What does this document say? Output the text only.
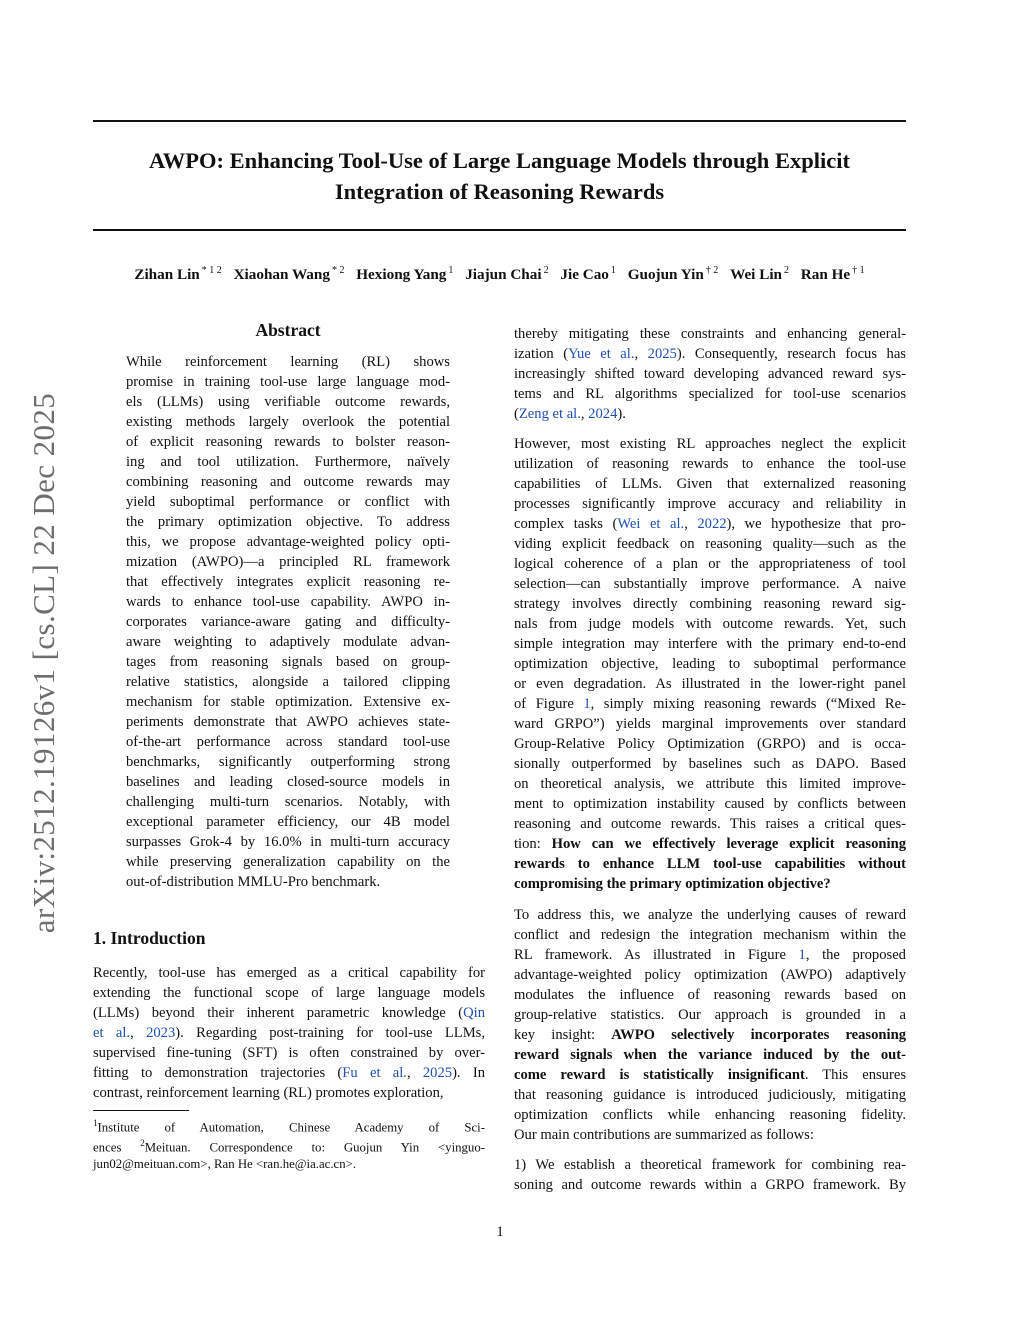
arXiv:2512.19126v1 [cs.CL] 22 Dec 2025
AWPO: Enhancing Tool-Use of Large Language Models through Explicit
Integration of Reasoning Rewards
Zihan Lin $^{* 1 2}$ Xiaohan Wang $^{* 2}$ Hexiong Yang $^1$ Jiajun Chai $^2$ Jie Cao $^1$ Guojun Yin $^{\dagger 2}$ Wei Lin $^2$ Ran He $^{\dagger 1}$
Abstract
While reinforcement learning (RL) shows
promise in training tool-use large language mod-
els (LLMs) using verifiable outcome rewards,
existing methods largely overlook the potential
of explicit reasoning rewards to bolster reason-
ing and tool utilization. Furthermore, naïvely
combining reasoning and outcome rewards may
yield suboptimal performance or conflict with
the primary optimization objective. To address
this, we propose advantage-weighted policy opti-
mization (AWPO)—a principled RL framework
that effectively integrates explicit reasoning re-
wards to enhance tool-use capability. AWPO in-
corporates variance-aware gating and difficulty-
aware weighting to adaptively modulate advan-
tages from reasoning signals based on group-
relative statistics, alongside a tailored clipping
mechanism for stable optimization. Extensive ex-
periments demonstrate that AWPO achieves state-
of-the-art performance across standard tool-use
benchmarks, significantly outperforming strong
baselines and leading closed-source models in
challenging multi-turn scenarios. Notably, with
exceptional parameter efficiency, our 4B model
surpasses Grok-4 by 16.0% in multi-turn accuracy
while preserving generalization capability on the
out-of-distribution MMLU-Pro benchmark.
1. Introduction
Recently, tool-use has emerged as a critical capability for
extending the functional scope of large language models
(LLMs) beyond their inherent parametric knowledge (Qin
et al., 2023). Regarding post-training for tool-use LLMs,
supervised fine-tuning (SFT) is often constrained by over-
fitting to demonstration trajectories (Fu et al., 2025). In
contrast, reinforcement learning (RL) promotes exploration,
$^1$Institute of Automation, Chinese Academy of Sci-
ences $^2$Meituan. Correspondence to: Guojun Yin <yinguo-
jun02@meituan.com>, Ran He <ran.he@ia.ac.cn>.
thereby mitigating these constraints and enhancing general-
ization (Yue et al., 2025). Consequently, research focus has
increasingly shifted toward developing advanced reward sys-
tems and RL algorithms specialized for tool-use scenarios
(Zeng et al., 2024).
However, most existing RL approaches neglect the explicit
utilization of reasoning rewards to enhance the tool-use
capabilities of LLMs. Given that externalized reasoning
processes significantly improve accuracy and reliability in
complex tasks (Wei et al., 2022), we hypothesize that pro-
viding explicit feedback on reasoning quality—such as the
logical coherence of a plan or the appropriateness of tool
selection—can substantially improve performance. A naive
strategy involves directly combining reasoning reward sig-
nals from judge models with outcome rewards. Yet, such
simple integration may interfere with the primary end-to-end
optimization objective, leading to suboptimal performance
or even degradation. As illustrated in the lower-right panel
of Figure 1, simply mixing reasoning rewards (“Mixed Re-
ward GRPO”) yields marginal improvements over standard
Group-Relative Policy Optimization (GRPO) and is occa-
sionally outperformed by baselines such as DAPO. Based
on theoretical analysis, we attribute this limited improve-
ment to optimization instability caused by conflicts between
reasoning and outcome rewards. This raises a critical ques-
tion: How can we effectively leverage explicit reasoning
rewards to enhance LLM tool-use capabilities without
compromising the primary optimization objective?
To address this, we analyze the underlying causes of reward
conflict and redesign the integration mechanism within the
RL framework. As illustrated in Figure 1, the proposed
advantage-weighted policy optimization (AWPO) adaptively
modulates the influence of reasoning rewards based on
group-relative statistics. Our approach is grounded in a
key insight: AWPO selectively incorporates reasoning
reward signals when the variance induced by the out-
come reward is statistically insignificant. This ensures
that reasoning guidance is introduced judiciously, mitigating
optimization conflicts while enhancing reasoning fidelity.
Our main contributions are summarized as follows:
1) We establish a theoretical framework for combining rea-
soning and outcome rewards within a GRPO framework. By
1
